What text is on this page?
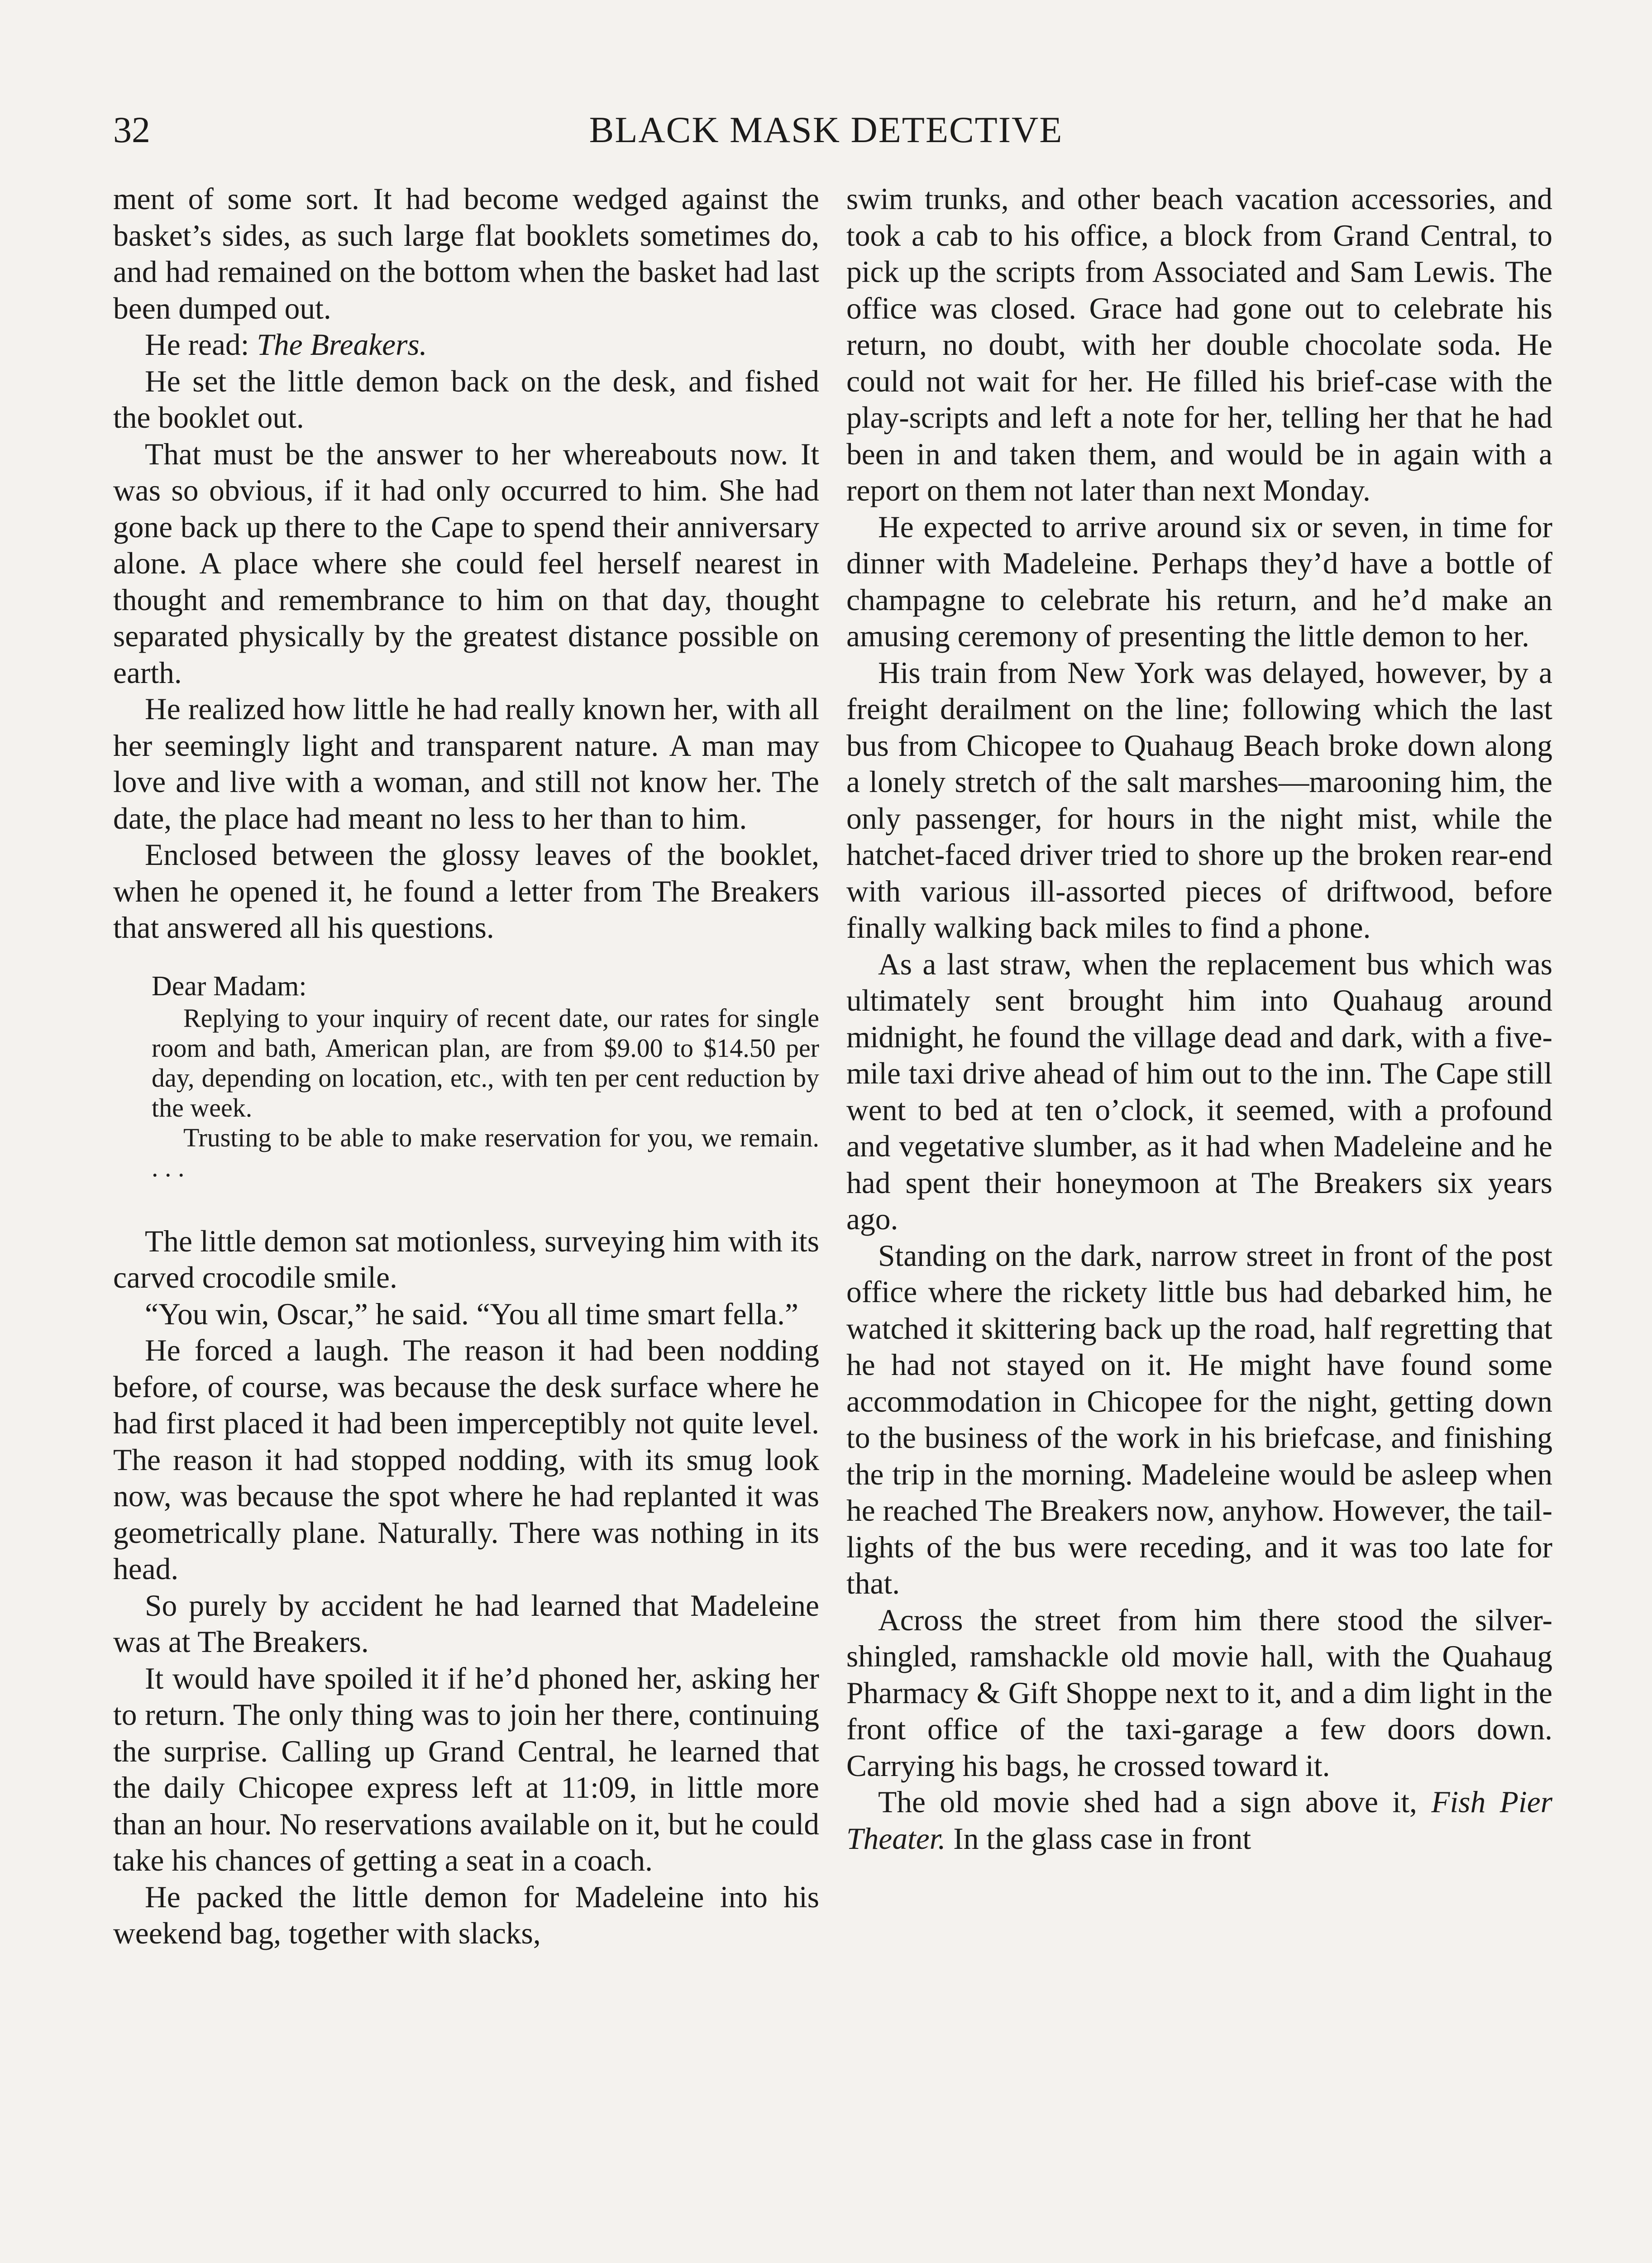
32	BLACK MASK DETECTIVE

ment of some sort. It had become wedged against the basket’s sides, as such large flat booklets sometimes do, and had remained on the bottom when the basket had last been dumped out.

He read: The Breakers.

He set the little demon back on the desk, and fished the booklet out.

That must be the answer to her whereabouts now. It was so obvious, if it had only occurred to him. She had gone back up there to the Cape to spend their anniversary alone. A place where she could feel herself nearest in thought and remembrance to him on that day, thought separated physically by the greatest distance possible on earth.

He realized how little he had really known her, with all her seemingly light and transparent nature. A man may love and live with a woman, and still not know her. The date, the place had meant no less to her than to him.

Enclosed between the glossy leaves of the booklet, when he opened it, he found a letter from The Breakers that answered all his questions.

Dear Madam:

Replying to your inquiry of recent date, our rates for single room and bath, American plan, are from $9.00 to $14.50 per day, depending on location, etc., with ten per cent reduction by the week.

Trusting to be able to make reservation for you, we remain. . . .

The little demon sat motionless, surveying him with its carved crocodile smile.

“You win, Oscar,” he said. “You all time smart fella.”

He forced a laugh. The reason it had been nodding before, of course, was because the desk surface where he had first placed it had been imperceptibly not quite level. The reason it had stopped nodding, with its smug look now, was because the spot where he had replanted it was geometrically plane. Naturally. There was nothing in its head.

So purely by accident he had learned that Madeleine was at The Breakers.

It would have spoiled it if he’d phoned her, asking her to return. The only thing was to join her there, continuing the surprise. Calling up Grand Central, he learned that the daily Chicopee express left at 11:09, in little more than an hour. No reservations available on it, but he could take his chances of getting a seat in a coach.

He packed the little demon for Madeleine into his weekend bag, together with slacks,

swim trunks, and other beach vacation accessories, and took a cab to his office, a block from Grand Central, to pick up the scripts from Associated and Sam Lewis. The office was closed. Grace had gone out to celebrate his return, no doubt, with her double chocolate soda. He could not wait for her. He filled his brief-case with the play-scripts and left a note for her, telling her that he had been in and taken them, and would be in again with a report on them not later than next Monday.

He expected to arrive around six or seven, in time for dinner with Madeleine. Perhaps they’d have a bottle of champagne to celebrate his return, and he’d make an amusing ceremony of presenting the little demon to her.

His train from New York was delayed, however, by a freight derailment on the line; following which the last bus from Chicopee to Quahaug Beach broke down along a lonely stretch of the salt marshes—marooning him, the only passenger, for hours in the night mist, while the hatchet-faced driver tried to shore up the broken rear-end with various ill-assorted pieces of driftwood, before finally walking back miles to find a phone.

As a last straw, when the replacement bus which was ultimately sent brought him into Quahaug around midnight, he found the village dead and dark, with a five-mile taxi drive ahead of him out to the inn. The Cape still went to bed at ten o’clock, it seemed, with a profound and vegetative slumber, as it had when Madeleine and he had spent their honeymoon at The Breakers six years ago.

Standing on the dark, narrow street in front of the post office where the rickety little bus had debarked him, he watched it skittering back up the road, half regretting that he had not stayed on it. He might have found some accommodation in Chicopee for the night, getting down to the business of the work in his briefcase, and finishing the trip in the morning. Madeleine would be asleep when he reached The Breakers now, anyhow. However, the tail-lights of the bus were receding, and it was too late for that.

Across the street from him there stood the silver-shingled, ramshackle old movie hall, with the Quahaug Pharmacy & Gift Shoppe next to it, and a dim light in the front office of the taxi-garage a few doors down. Carrying his bags, he crossed toward it.

The old movie shed had a sign above it, Fish Pier Theater. In the glass case in front
